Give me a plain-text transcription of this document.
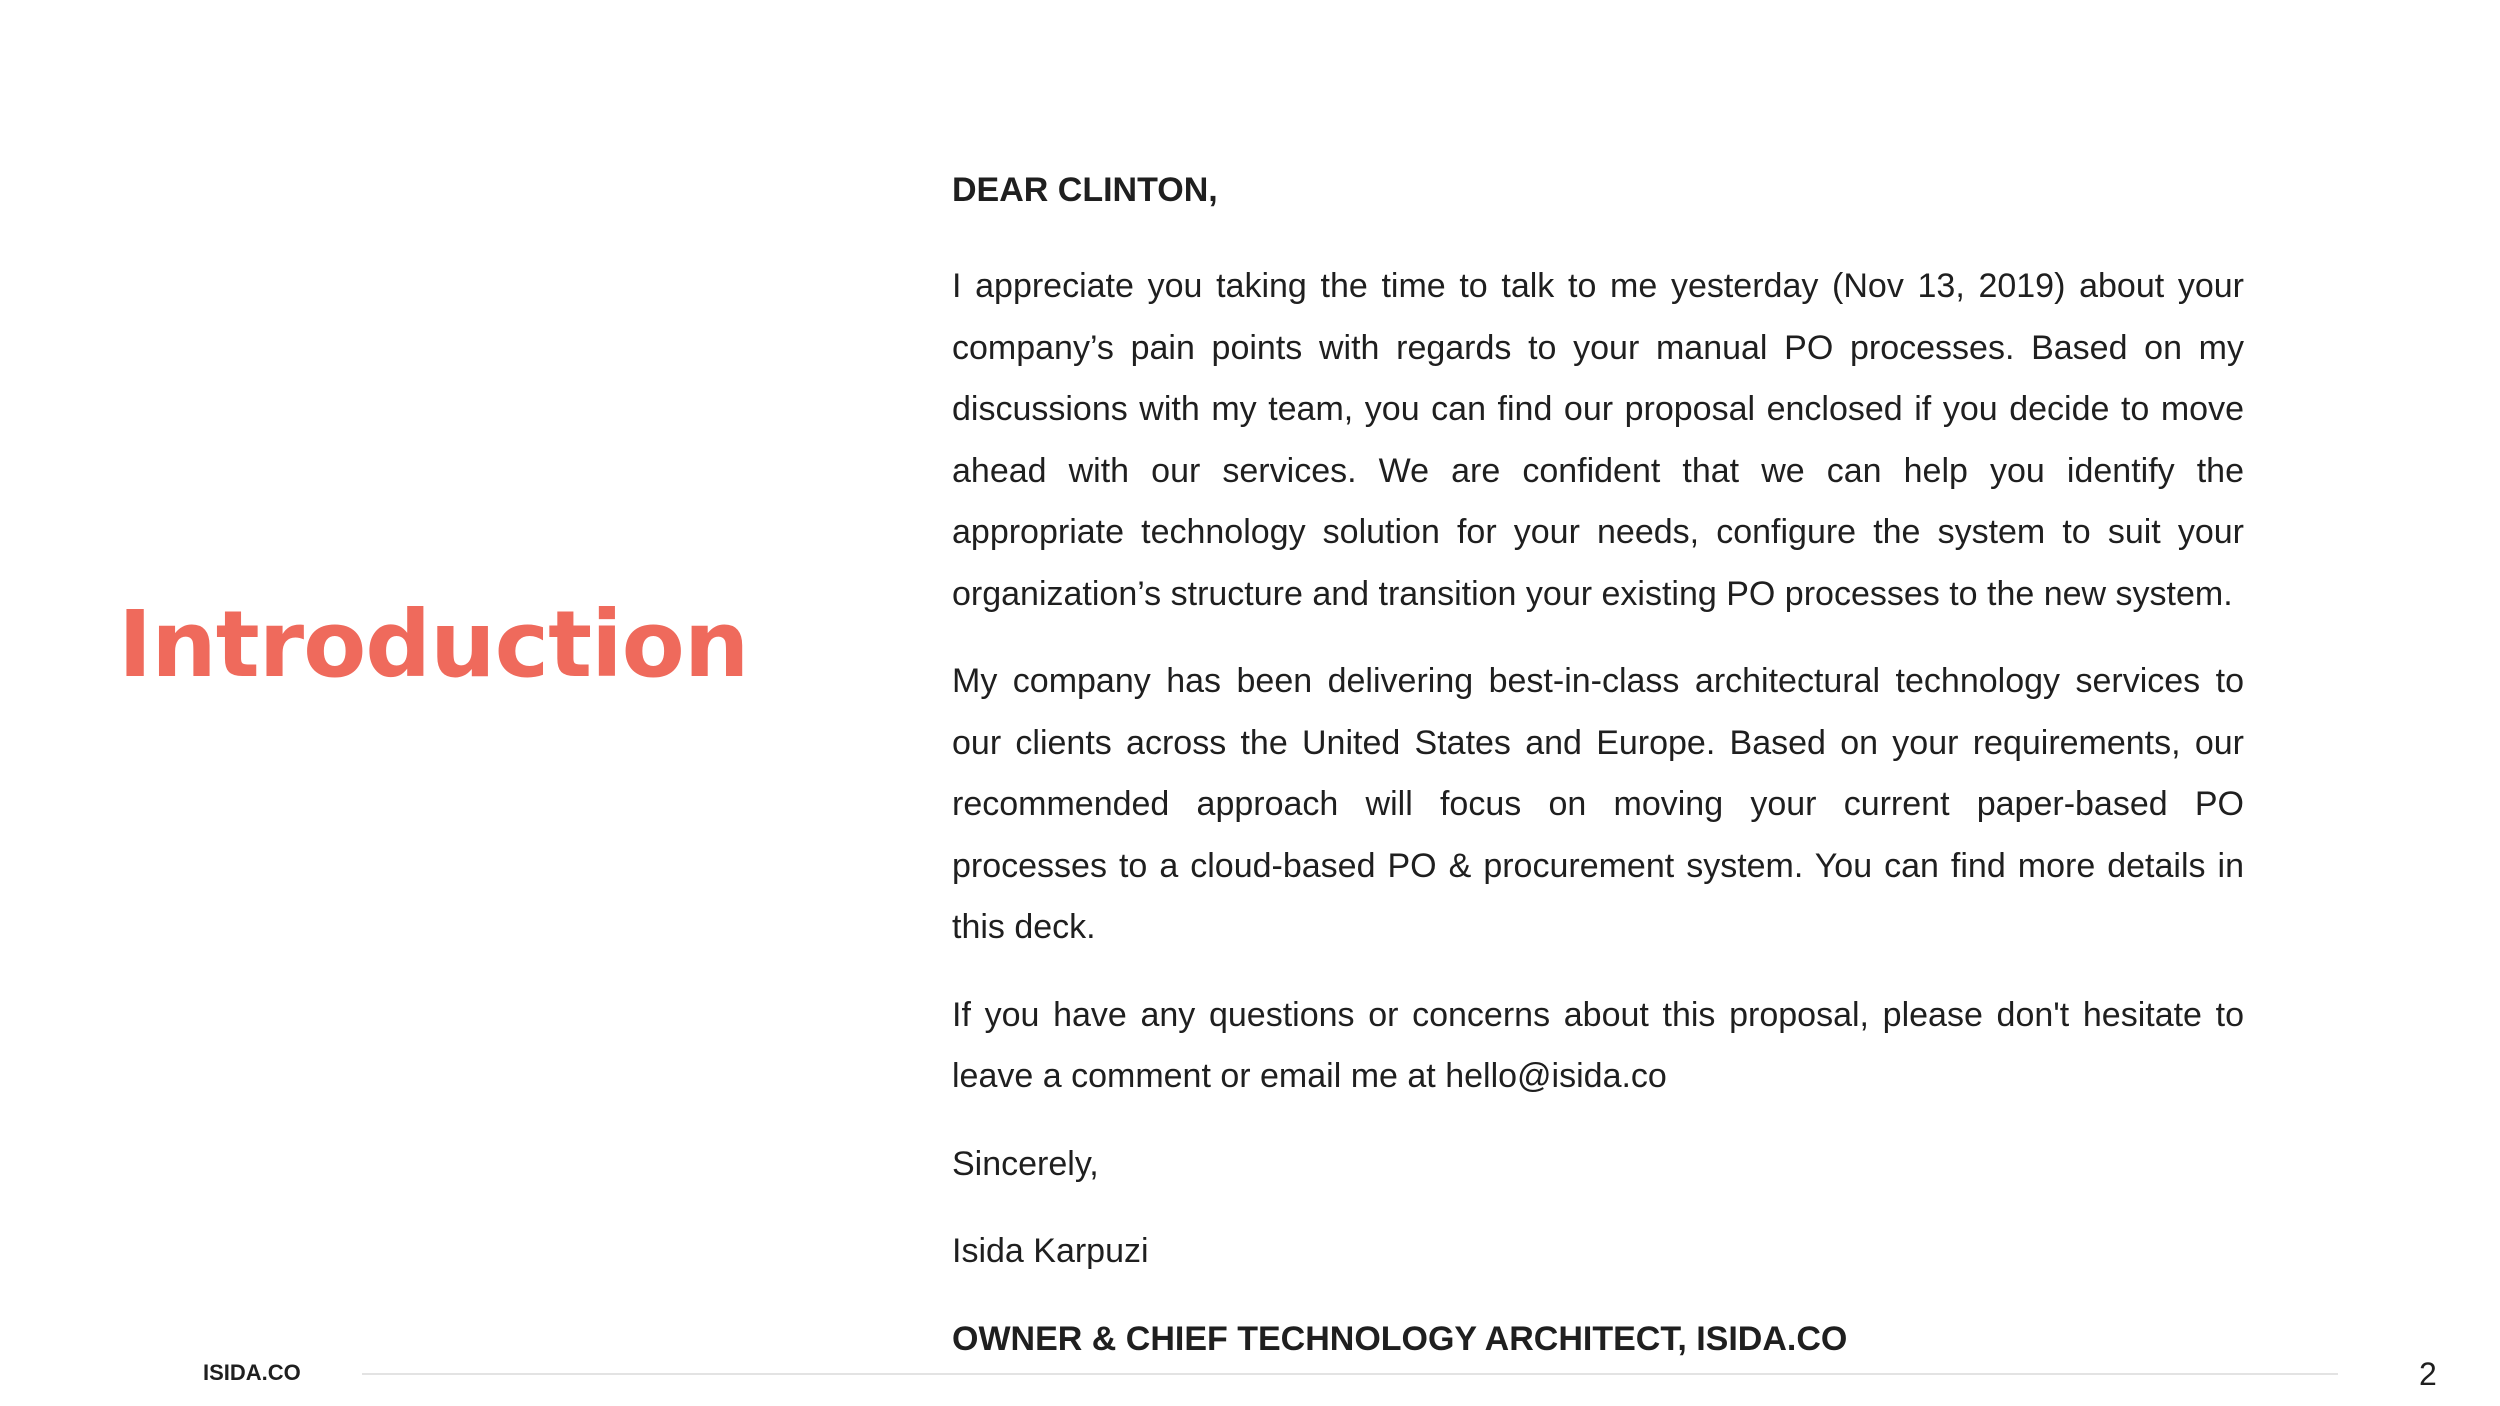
Introduction

DEAR CLINTON,

I appreciate you taking the time to talk to me yesterday (Nov 13, 2019) about your company’s pain points with regards to your manual PO processes. Based on my discussions with my team, you can find our proposal enclosed if you decide to move ahead with our services. We are confident that we can help you identify the appropriate technology solution for your needs, configure the system to suit your organization’s structure and transition your existing PO processes to the new system.

My company has been delivering best-in-class architectural technology services to our clients across the United States and Europe. Based on your requirements, our recommended approach will focus on moving your current paper-based PO processes to a cloud-based PO & procurement system. You can find more details in this deck.

If you have any questions or concerns about this proposal, please don't hesitate to leave a comment or email me at hello@isida.co

Sincerely,

Isida Karpuzi

OWNER & CHIEF TECHNOLOGY ARCHITECT, ISIDA.CO

ISIDA.CO	2
